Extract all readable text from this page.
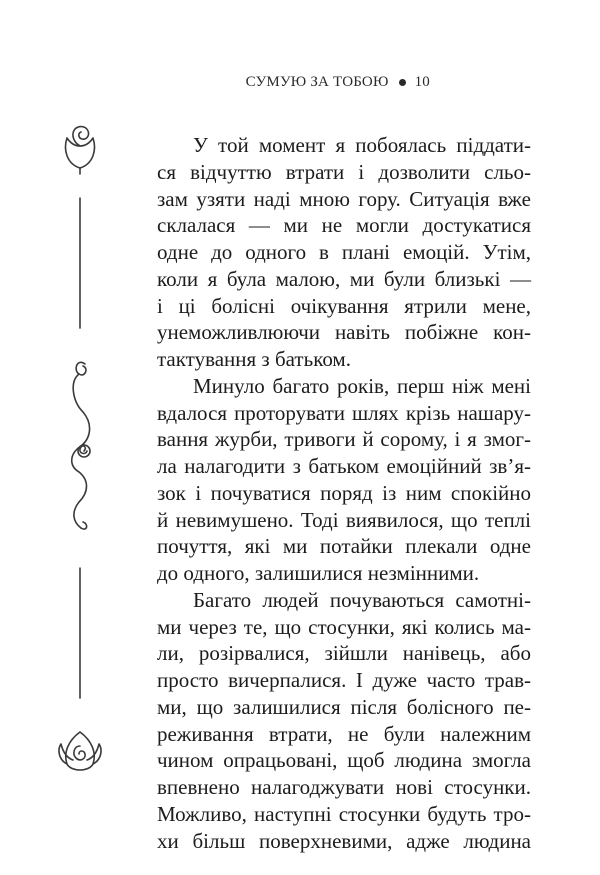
СУМУЮ ЗА ТОБОЮ 10
У той момент я побоялась піддати-
ся відчуттю втрати і дозволити сльо-
зам узяти наді мною гору. Ситуація вже
склалася — ми не могли достукатися
одне до одного в плані емоцій. Утім,
коли я була малою, ми були близькі —
і ці болісні очікування ятрили мене,
унеможливлюючи навіть побіжне кон-
тактування з батьком.
Минуло багато років, перш ніж мені
вдалося проторувати шлях крізь нашару-
вання журби, тривоги й сорому, і я змог-
ла налагодити з батьком емоційний зв’я-
зок і почуватися поряд із ним спокійно
й невимушено. Тоді виявилося, що теплі
почуття, які ми потайки плекали одне
до одного, залишилися незмінними.
Багато людей почуваються самотні-
ми через те, що стосунки, які колись ма-
ли, розірвалися, зійшли нанівець, або
просто вичерпалися. І дуже часто трав-
ми, що залишилися після болісного пе-
реживання втрати, не були належним
чином опрацьовані, щоб людина змогла
впевнено налагоджувати нові стосунки.
Можливо, наступні стосунки будуть тро-
хи більш поверхневими, адже людина
